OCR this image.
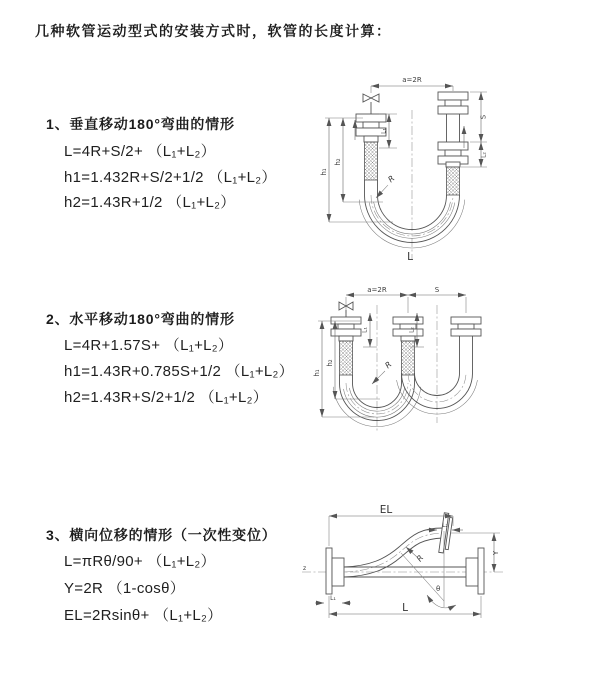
几种软管运动型式的安装方式时，软管的长度计算：
1、垂直移动180°弯曲的情形
L=4R+S/2+ （L₁+L₂）
h1=1.432R+S/2+1/2 （L₁+L₂）
h2=1.43R+1/2 （L₁+L₂）
2、水平移动180°弯曲的情形
L=4R+1.57S+ （L₁+L₂）
h1=1.43R+0.785S+1/2 （L₁+L₂）
h2=1.43R+S/2+1/2 （L₁+L₂）
3、横向位移的情形（一次性变位）
L=πRθ/90+ （L₁+L₂）
Y=2R （1-cosθ）
EL=2Rsinθ+ （L₁+L₂）
a=2R
h₁
h₂
L₁
S
L₂
R
L
a=2R	S
h₁
h₂
L₁	L₂
R
z
θ
R
EL
L₂
Y
L₁
L
